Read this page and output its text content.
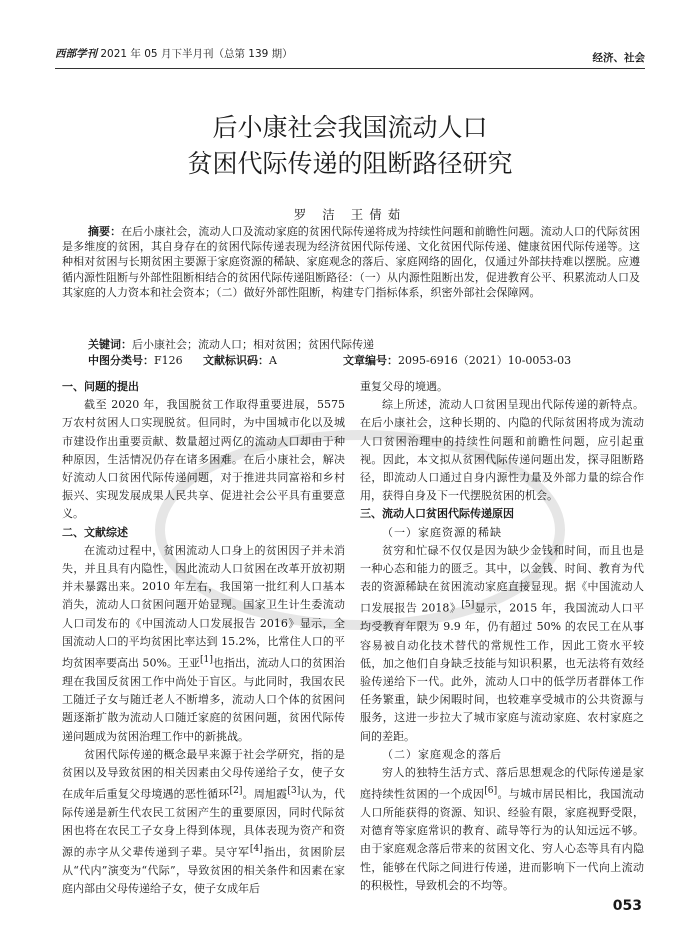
西部学刊 2021 年 05 月下半月刊（总第 139 期）	经济、社会
后小康社会我国流动人口
贫困代际传递的阻断路径研究
罗 洁 王倩茹
摘要：在后小康社会，流动人口及流动家庭的贫困代际传递将成为持续性问题和前瞻性问题。流动人口的代际贫困是多维度的贫困，其自身存在的贫困代际传递表现为经济贫困代际传递、文化贫困代际传递、健康贫困代际传递等。这种相对贫困与长期贫困主要源于家庭资源的稀缺、家庭观念的落后、家庭网络的固化，仅通过外部扶持难以摆脱。应遵循内源性阻断与外部性阻断相结合的贫困代际传递阻断路径：（一）从内源性阻断出发，促进教育公平、积累流动人口及其家庭的人力资本和社会资本；（二）做好外部性阻断，构建专门指标体系，织密外部社会保障网。
关键词：后小康社会；流动人口；相对贫困；贫困代际传递
中图分类号：F126 文献标识码：A	文章编号：2095-6916（2021）10-0053-03
一、问题的提出

截至 2020 年，我国脱贫工作取得重要进展，5575 万农村贫困人口实现脱贫。但同时，为中国城市化以及城市建设作出重要贡献、数量超过两亿的流动人口却由于种种原因，生活情况仍存在诸多困难。在后小康社会，解决好流动人口贫困代际传递问题，对于推进共同富裕和乡村振兴、实现发展成果人民共享、促进社会公平具有重要意义。

二、文献综述

在流动过程中，贫困流动人口身上的贫困因子并未消失，并且具有内隐性，因此流动人口贫困在改革开放初期并未暴露出来。2010 年左右，我国第一批红利人口基本消失，流动人口贫困问题开始显现。国家卫生计生委流动人口司发布的《中国流动人口发展报告 2016》显示，全国流动人口的平均贫困比率达到 15.2%，比常住人口的平均贫困率要高出 50%。王亚[1]也指出，流动人口的贫困治理在我国反贫困工作中尚处于盲区。与此同时，我国农民工随迁子女与随迁老人不断增多，流动人口个体的贫困问题逐渐扩散为流动人口随迁家庭的贫困问题，贫困代际传递问题成为贫困治理工作中的新挑战。

贫困代际传递的概念最早来源于社会学研究，指的是贫困以及导致贫困的相关因素由父母传递给子女，使子女在成年后重复父母境遇的恶性循环[2]。周旭霞[3]认为，代际传递是新生代农民工贫困产生的重要原因，同时代际贫困也将在农民工子女身上得到体现，具体表现为资产和资源的赤字从父辈传递到子辈。吴守军[4]指出，贫困阶层从“代内”演变为“代际”，导致贫困的相关条件和因素在家庭内部由父母传递给子女，使子女成年后

重复父母的境遇。

综上所述，流动人口贫困呈现出代际传递的新特点。在后小康社会，这种长期的、内隐的代际贫困将成为流动人口贫困治理中的持续性问题和前瞻性问题，应引起重视。因此，本文拟从贫困代际传递问题出发，探寻阻断路径，即流动人口通过自身内源性力量及外部力量的综合作用，获得自身及下一代摆脱贫困的机会。

三、流动人口贫困代际传递原因
（一）家庭资源的稀缺

贫穷和忙碌不仅仅是因为缺少金钱和时间，而且也是一种心态和能力的匮乏。其中，以金钱、时间、教育为代表的资源稀缺在贫困流动家庭直接显现。据《中国流动人口发展报告 2018》[5]显示，2015 年，我国流动人口平均受教育年限为 9.9 年，仍有超过 50% 的农民工在从事容易被自动化技术替代的常规性工作，因此工资水平较低，加之他们自身缺乏技能与知识积累，也无法将有效经验传递给下一代。此外，流动人口中的低学历者群体工作任务繁重，缺少闲暇时间，也较难享受城市的公共资源与服务，这进一步拉大了城市家庭与流动家庭、农村家庭之间的差距。

（二）家庭观念的落后

穷人的独特生活方式、落后思想观念的代际传递是家庭持续性贫困的一个成因[6]。与城市居民相比，我国流动人口所能获得的资源、知识、经验有限，家庭视野受限，对德育等家庭常识的教育、疏导等行为的认知远远不够。由于家庭观念落后带来的贫困文化、穷人心态等具有内隐性，能够在代际之间进行传递，进而影响下一代向上流动的积极性，导致机会的不均等。

053
